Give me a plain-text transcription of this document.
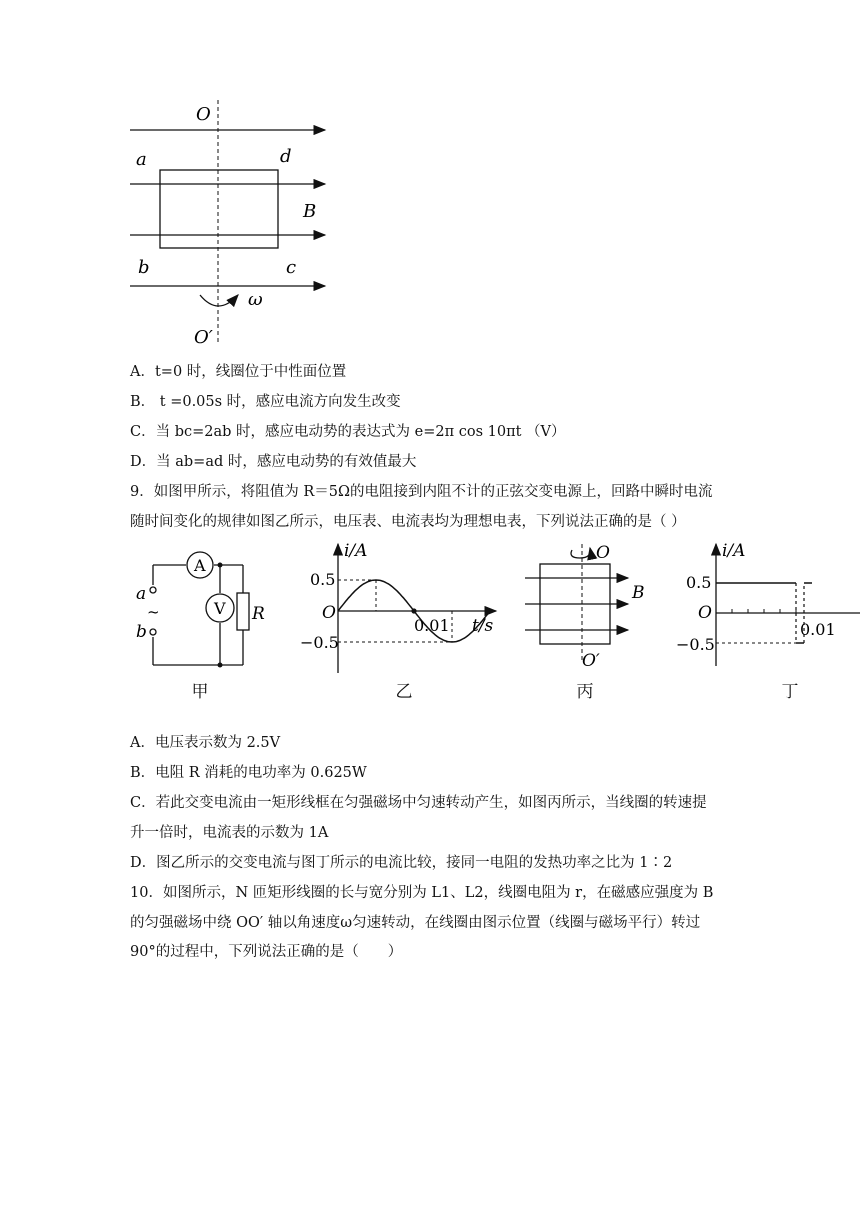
O
a	d
B
b	c
ω
O′
A．t=0 时，线圈位于中性面位置
B． t =0.05s 时，感应电流方向发生改变
C．当 bc=2ab 时，感应电动势的表达式为 e=2π cos 10πt （V）
D．当 ab=ad 时，感应电动势的有效值最大
9．如图甲所示，将阻值为 R＝5Ω的电阻接到内阻不计的正弦交变电源上，回路中瞬时电流
随时间变化的规律如图乙所示，电压表、电流表均为理想电表，下列说法正确的是（ ）
A
V R
a
~
b
甲
i/A
t/s
O
0.5
−0.5
0.01
乙
O
B
O′
丙
i/A
O
0.5
−0.5
0.01
丁
A．电压表示数为 2.5V
B．电阻 R 消耗的电功率为 0.625W
C．若此交变电流由一矩形线框在匀强磁场中匀速转动产生，如图丙所示，当线圈的转速提
升一倍时，电流表的示数为 1A
D．图乙所示的交变电流与图丁所示的电流比较，接同一电阻的发热功率之比为 1∶2
10．如图所示，N 匝矩形线圈的长与宽分别为 L1、L2，线圈电阻为 r，在磁感应强度为 B
的匀强磁场中绕 OO′ 轴以角速度ω匀速转动，在线圈由图示位置（线圈与磁场平行）转过
90°的过程中，下列说法正确的是（　　）
